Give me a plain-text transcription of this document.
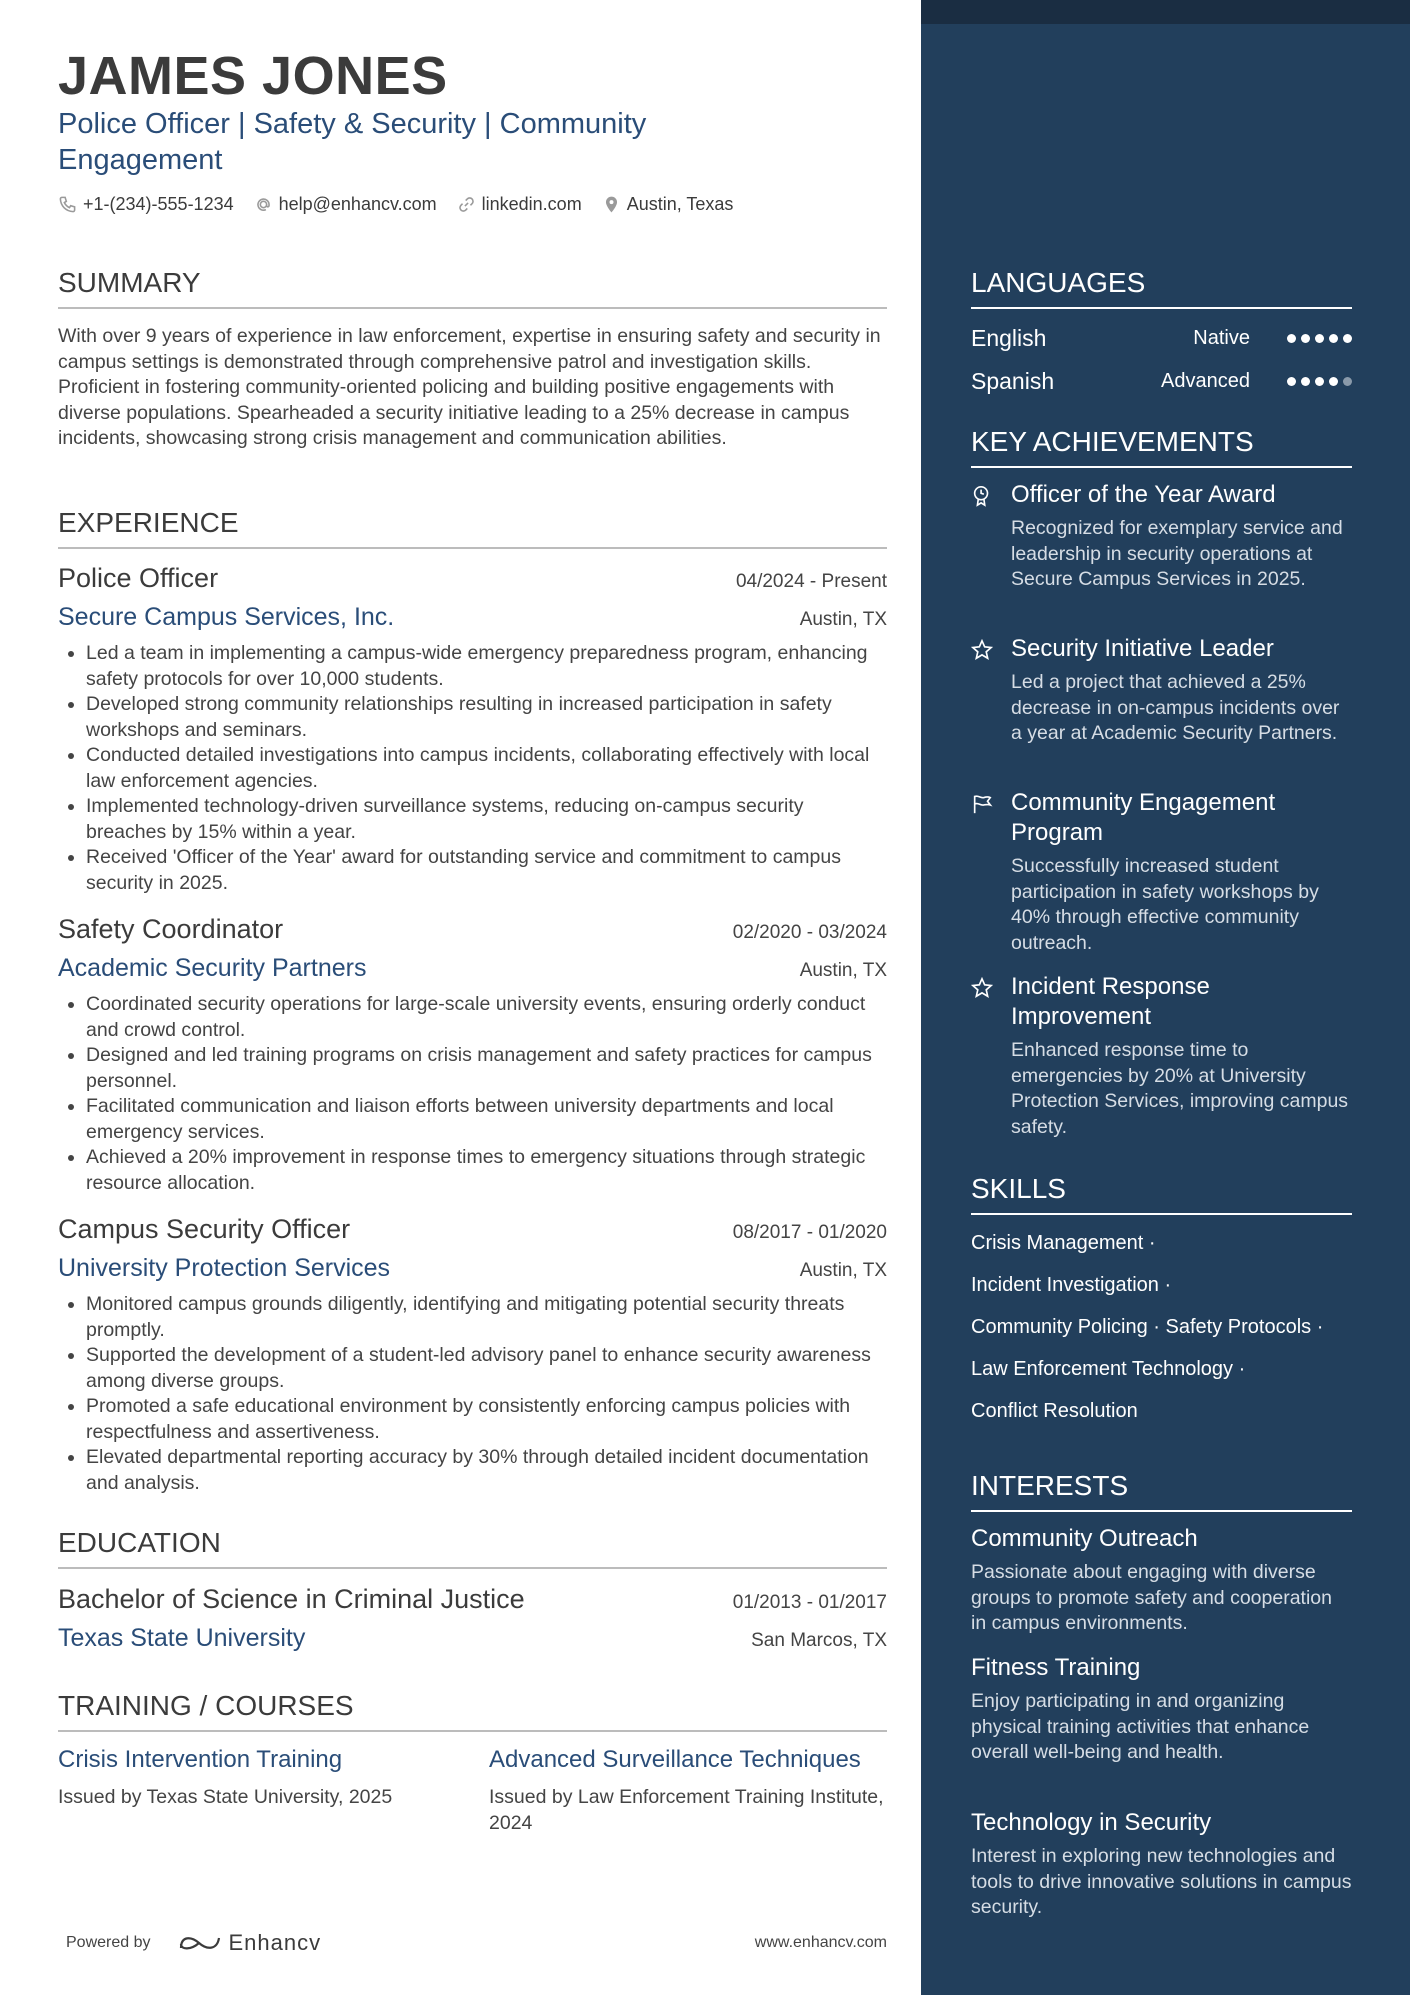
JAMES JONES
Police Officer | Safety & Security | Community Engagement
+1-(234)-555-1234	help@enhancv.com	linkedin.com	Austin, Texas
SUMMARY
With over 9 years of experience in law enforcement, expertise in ensuring safety and security in campus settings is demonstrated through comprehensive patrol and investigation skills. Proficient in fostering community-oriented policing and building positive engagements with diverse populations. Spearheaded a security initiative leading to a 25% decrease in campus incidents, showcasing strong crisis management and communication abilities.
EXPERIENCE
Police Officer	04/2024 - Present
Secure Campus Services, Inc.	Austin, TX
• Led a team in implementing a campus-wide emergency preparedness program, enhancing safety protocols for over 10,000 students.
• Developed strong community relationships resulting in increased participation in safety workshops and seminars.
• Conducted detailed investigations into campus incidents, collaborating effectively with local law enforcement agencies.
• Implemented technology-driven surveillance systems, reducing on-campus security breaches by 15% within a year.
• Received 'Officer of the Year' award for outstanding service and commitment to campus security in 2025.
Safety Coordinator	02/2020 - 03/2024
Academic Security Partners	Austin, TX
• Coordinated security operations for large-scale university events, ensuring orderly conduct and crowd control.
• Designed and led training programs on crisis management and safety practices for campus personnel.
• Facilitated communication and liaison efforts between university departments and local emergency services.
• Achieved a 20% improvement in response times to emergency situations through strategic resource allocation.
Campus Security Officer	08/2017 - 01/2020
University Protection Services	Austin, TX
• Monitored campus grounds diligently, identifying and mitigating potential security threats promptly.
• Supported the development of a student-led advisory panel to enhance security awareness among diverse groups.
• Promoted a safe educational environment by consistently enforcing campus policies with respectfulness and assertiveness.
• Elevated departmental reporting accuracy by 30% through detailed incident documentation and analysis.
EDUCATION
Bachelor of Science in Criminal Justice	01/2013 - 01/2017
Texas State University	San Marcos, TX
TRAINING / COURSES
Crisis Intervention Training
Issued by Texas State University, 2025
Advanced Surveillance Techniques
Issued by Law Enforcement Training Institute, 2024
Powered by	Enhancv	www.enhancv.com
LANGUAGES
English	Native
Spanish	Advanced
KEY ACHIEVEMENTS
Officer of the Year Award
Recognized for exemplary service and leadership in security operations at Secure Campus Services in 2025.
Security Initiative Leader
Led a project that achieved a 25% decrease in on-campus incidents over a year at Academic Security Partners.
Community Engagement Program
Successfully increased student participation in safety workshops by 40% through effective community outreach.
Incident Response Improvement
Enhanced response time to emergencies by 20% at University Protection Services, improving campus safety.
SKILLS
Crisis Management ·
Incident Investigation ·
Community Policing · Safety Protocols ·
Law Enforcement Technology ·
Conflict Resolution
INTERESTS
Community Outreach
Passionate about engaging with diverse groups to promote safety and cooperation in campus environments.
Fitness Training
Enjoy participating in and organizing physical training activities that enhance overall well-being and health.
Technology in Security
Interest in exploring new technologies and tools to drive innovative solutions in campus security.
